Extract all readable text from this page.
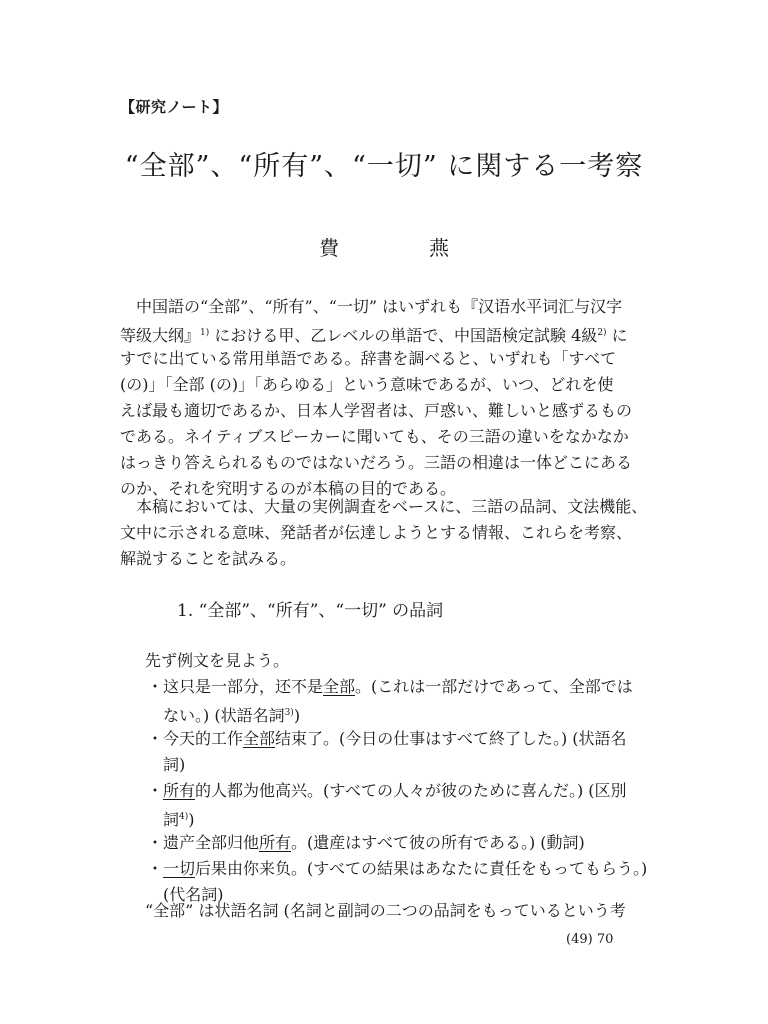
【研究ノート】
“全部”、“所有”、“一切” に関する一考察
費	燕
中国語の“全部”、“所有”、“一切” はいずれも『汉语水平词汇与汉字
等级大纲』$^{1)}$ における甲、乙レベルの単語で、中国語検定試験 4級$^{2)}$ に
すでに出ている常用単語である。辞書を調べると、いずれも「すべて
(の)」「全部 (の)」「あらゆる」という意味であるが、いつ、どれを使
えば最も適切であるか、日本人学習者は、戸惑い、難しいと感ずるもの
である。ネイティブスピーカーに聞いても、その三語の違いをなかなか
はっきり答えられるものではないだろう。三語の相違は一体どこにある
のか、それを究明するのが本稿の目的である。
本稿においては、大量の実例調査をベースに、三語の品詞、文法機能、
文中に示される意味、発話者が伝達しようとする情報、これらを考察、
解説することを試みる。
1. “全部”、“所有”、“一切” の品詞
先ず例文を見よう。
・ 这只是一部分，还不是全部。(これは一部だけであって、全部では
ない。) (状語名詞$^{3)}$)
・ 今天的工作全部结束了。(今日の仕事はすべて終了した。) (状語名
詞)
・ 所有的人都为他高兴。(すべての人々が彼のために喜んだ。) (区別
詞$^{4)}$)
・ 遗产全部归他所有。(遺産はすべて彼の所有である。) (動詞)
・ 一切后果由你来负。(すべての結果はあなたに責任をもってもらう。)
(代名詞)
“全部” は状語名詞 (名詞と副詞の二つの品詞をもっているという考
(49) 70
